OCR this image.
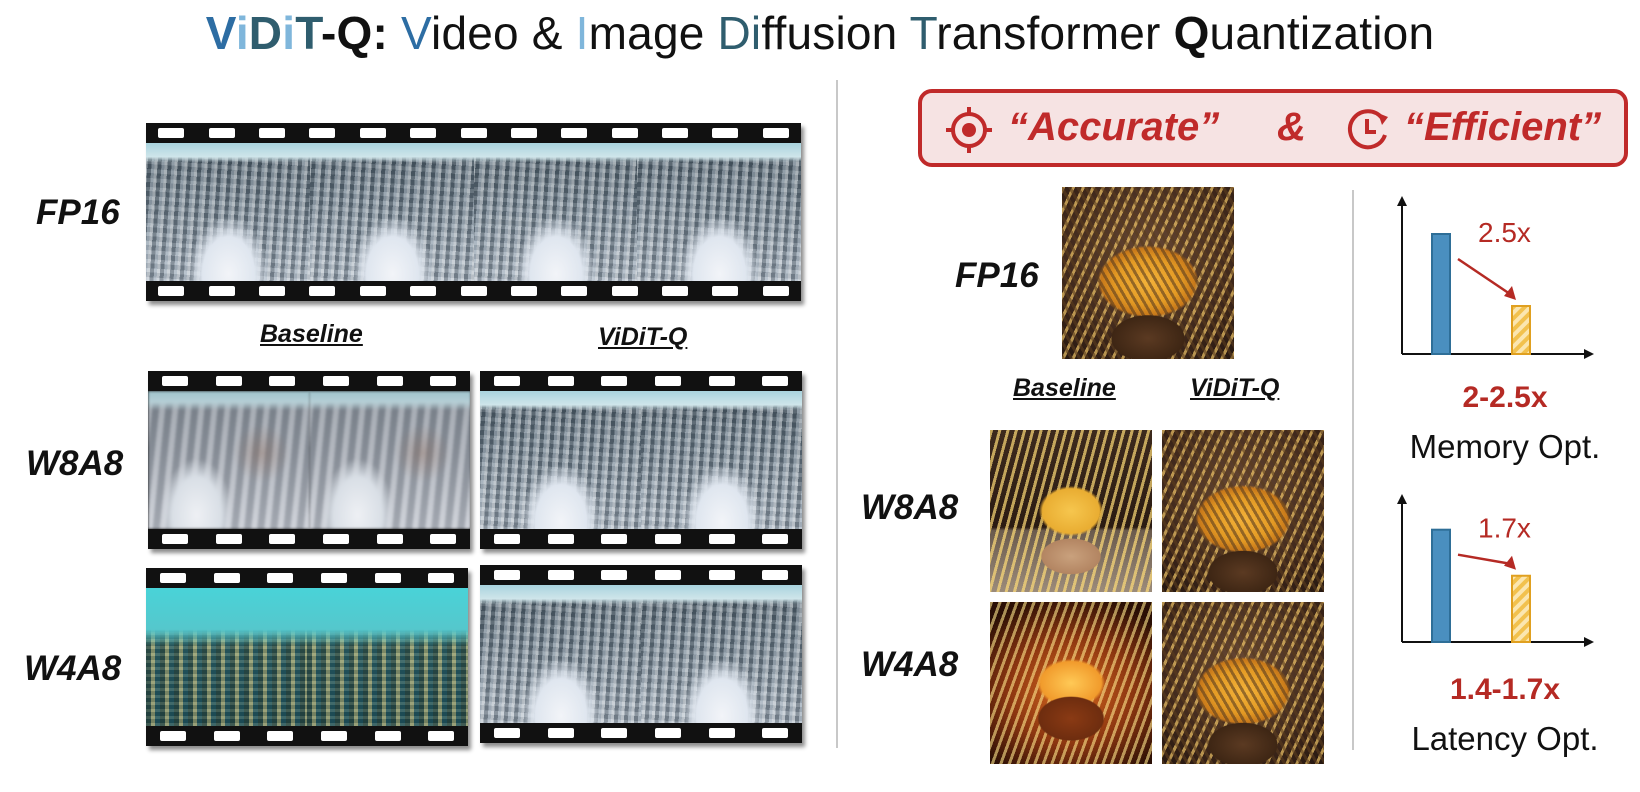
ViDiT-Q: Video & Image Diffusion Transformer Quantization
FP16
W8A8
W4A8
Baseline	ViDiT-Q
“Accurate” & “Efficient”
FP16
W8A8
W4A8
Baseline	ViDiT-Q
2.5x
2-2.5x
Memory Opt.
1.7x
1.4-1.7x
Latency Opt.
